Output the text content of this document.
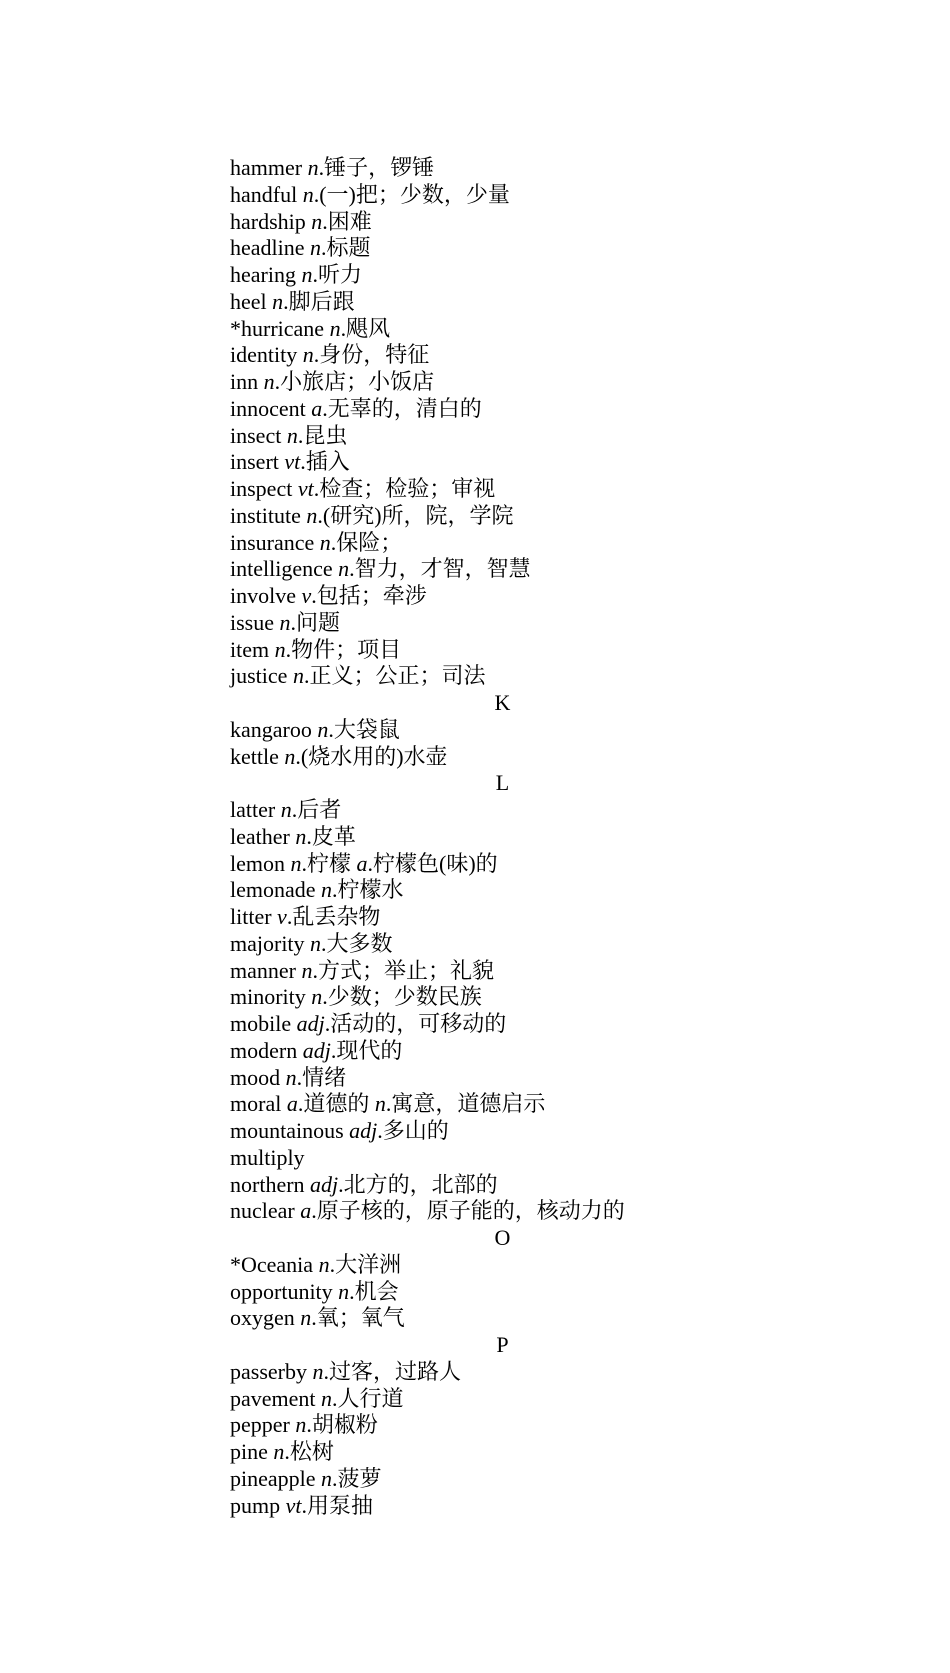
hammer n.锤子，锣锤
handful n.(一)把；少数，少量
hardship n.困难
headline n.标题
hearing n.听力
heel n.脚后跟
*hurricane n.飓风
identity n.身份，特征
inn n.小旅店；小饭店
innocent a.无辜的，清白的
insect n.昆虫
insert vt.插入
inspect vt.检查；检验；审视
institute n.(研究)所，院，学院
insurance n.保险；
intelligence n.智力，才智，智慧
involve v.包括；牵涉
issue n.问题
item n.物件；项目
justice n.正义；公正；司法
K
kangaroo n.大袋鼠
kettle n.(烧水用的)水壶
L
latter n.后者
leather n.皮革
lemon n.柠檬 a.柠檬色(味)的
lemonade n.柠檬水
litter v.乱丢杂物
majority n.大多数
manner n.方式；举止；礼貌
minority n.少数；少数民族
mobile adj.活动的，可移动的
modern adj.现代的
mood n.情绪
moral a.道德的 n.寓意，道德启示
mountainous adj.多山的
multiply
northern adj.北方的，北部的
nuclear a.原子核的，原子能的，核动力的
O
*Oceania n.大洋洲
opportunity n.机会
oxygen n.氧；氧气
P
passerby n.过客，过路人
pavement n.人行道
pepper n.胡椒粉
pine n.松树
pineapple n.菠萝
pump vt.用泵抽
